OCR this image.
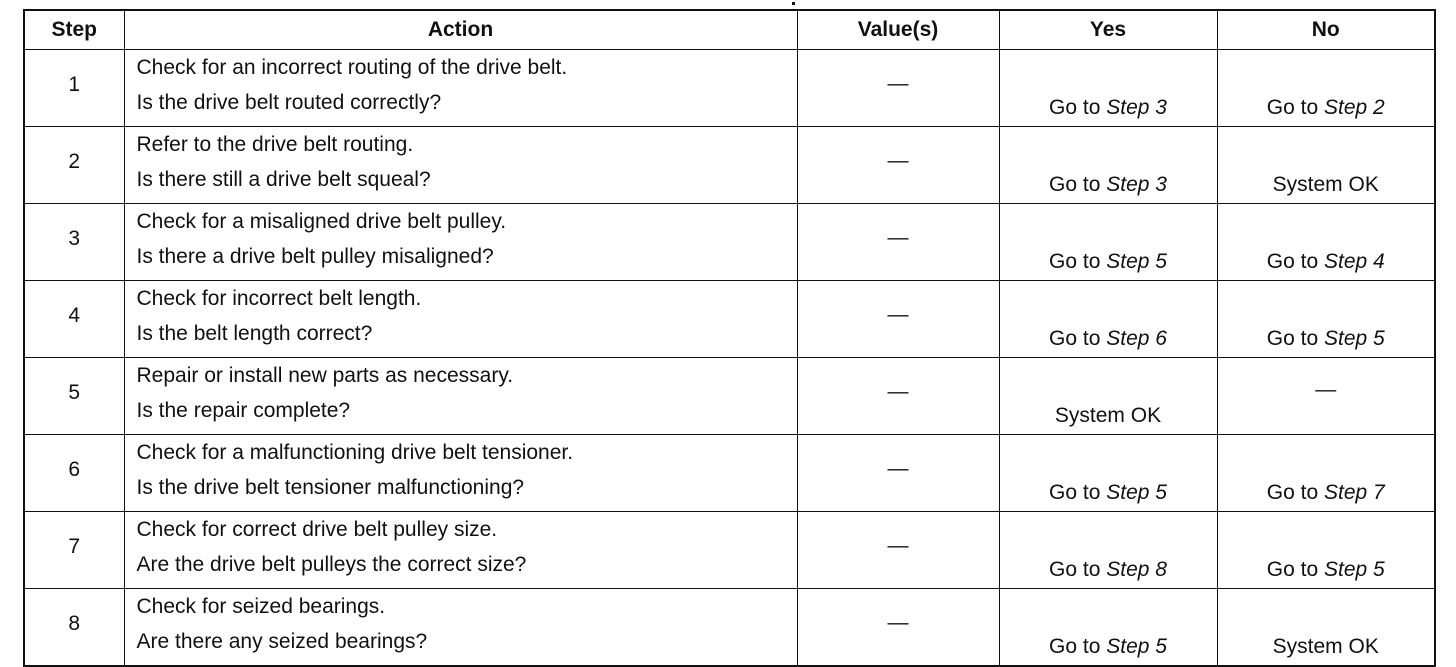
Step	Action	Value(s)	Yes	No
1	Check for an incorrect routing of the drive belt.
Is the drive belt routed correctly?	—	Go to Step 3	Go to Step 2
2	Refer to the drive belt routing.
Is there still a drive belt squeal?	—	Go to Step 3	System OK
3	Check for a misaligned drive belt pulley.
Is there a drive belt pulley misaligned?	—	Go to Step 5	Go to Step 4
4	Check for incorrect belt length.
Is the belt length correct?	—	Go to Step 6	Go to Step 5
5	Repair or install new parts as necessary.
Is the repair complete?	—	System OK	—
6	Check for a malfunctioning drive belt tensioner.
Is the drive belt tensioner malfunctioning?	—	Go to Step 5	Go to Step 7
7	Check for correct drive belt pulley size.
Are the drive belt pulleys the correct size?	—	Go to Step 8	Go to Step 5
8	Check for seized bearings.
Are there any seized bearings?	—	Go to Step 5	System OK
